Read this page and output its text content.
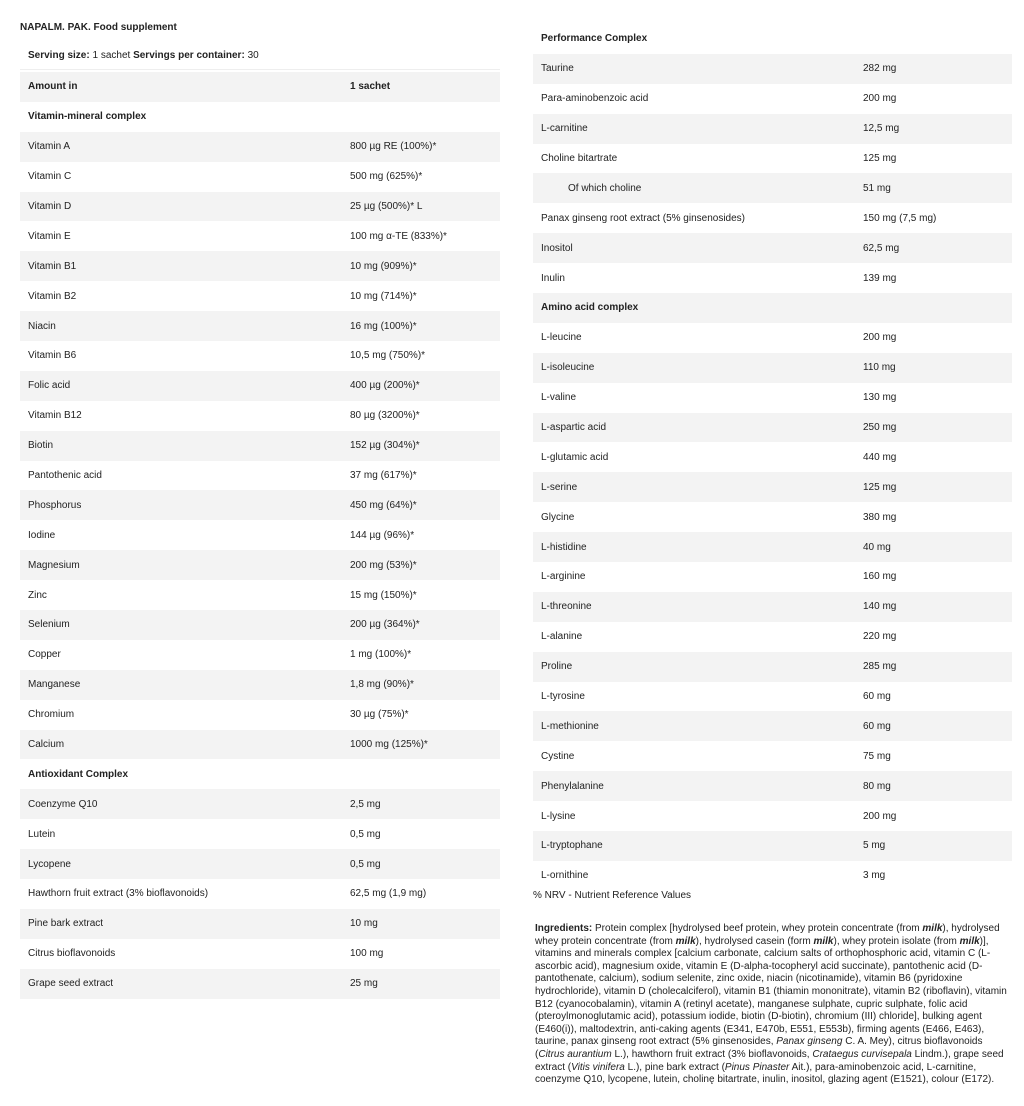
NAPALM. PAK. Food supplement
Serving size: 1 sachet Servings per container: 30
Amount in	1 sachet
Vitamin-mineral complex
Vitamin A	800 µg RE (100%)*
Vitamin C	500 mg (625%)*
Vitamin D	25 µg (500%)* L
Vitamin E	100 mg α-TE (833%)*
Vitamin B1	10 mg (909%)*
Vitamin B2	10 mg (714%)*
Niacin	16 mg (100%)*
Vitamin B6	10,5 mg (750%)*
Folic acid	400 µg (200%)*
Vitamin B12	80 µg (3200%)*
Biotin	152 µg (304%)*
Pantothenic acid	37 mg (617%)*
Phosphorus	450 mg (64%)*
Iodine	144 µg (96%)*
Magnesium	200 mg (53%)*
Zinc	15 mg (150%)*
Selenium	200 µg (364%)*
Copper	1 mg (100%)*
Manganese	1,8 mg (90%)*
Chromium	30 µg (75%)*
Calcium	1000 mg (125%)*
Antioxidant Complex
Coenzyme Q10	2,5 mg
Lutein	0,5 mg
Lycopene	0,5 mg
Hawthorn fruit extract (3% bioflavonoids)	62,5 mg (1,9 mg)
Pine bark extract	10 mg
Citrus bioflavonoids	100 mg
Grape seed extract	25 mg
Performance Complex
Taurine	282 mg
Para-aminobenzoic acid	200 mg
L-carnitine	12,5 mg
Choline bitartrate	125 mg
Of which choline	51 mg
Panax ginseng root extract (5% ginsenosides)	150 mg (7,5 mg)
Inositol	62,5 mg
Inulin	139 mg
Amino acid complex
L-leucine	200 mg
L-isoleucine	110 mg
L-valine	130 mg
L-aspartic acid	250 mg
L-glutamic acid	440 mg
L-serine	125 mg
Glycine	380 mg
L-histidine	40 mg
L-arginine	160 mg
L-threonine	140 mg
L-alanine	220 mg
Proline	285 mg
L-tyrosine	60 mg
L-methionine	60 mg
Cystine	75 mg
Phenylalanine	80 mg
L-lysine	200 mg
L-tryptophane	5 mg
L-ornithine	3 mg
% NRV - Nutrient Reference Values
Ingredients: Protein complex [hydrolysed beef protein, whey protein concentrate (from milk), hydrolysed whey protein concentrate (from milk), hydrolysed casein (form milk), whey protein isolate (from milk)], vitamins and minerals complex [calcium carbonate, calcium salts of orthophosphoric acid, vitamin C (L-ascorbic acid), magnesium oxide, vitamin E (D-alpha-tocopheryl acid succinate), pantothenic acid (D-pantothenate, calcium), sodium selenite, zinc oxide, niacin (nicotinamide), vitamin B6 (pyridoxine hydrochloride), vitamin D (cholecalciferol), vitamin B1 (thiamin mononitrate), vitamin B2 (riboflavin), vitamin B12 (cyanocobalamin), vitamin A (retinyl acetate), manganese sulphate, cupric sulphate, folic acid (pteroylmonoglutamic acid), potassium iodide, biotin (D-biotin), chromium (III) chloride], bulking agent (E460(i)), maltodextrin, anti-caking agents (E341, E470b, E551, E553b), firming agents (E466, E463), taurine, panax ginseng root extract (5% ginsenosides, Panax ginseng C. A. Mey), citrus bioflavonoids (Citrus aurantium L.), hawthorn fruit extract (3% bioflavonoids, Crataegus curvisepala Lindm.), grape seed extract (Vitis vinifera L.), pine bark extract (Pinus Pinaster Ait.), para-aminobenzoic acid, L-carnitine, coenzyme Q10, lycopene, lutein, cholinę bitartrate, inulin, inositol, glazing agent (E1521), colour (E172).
